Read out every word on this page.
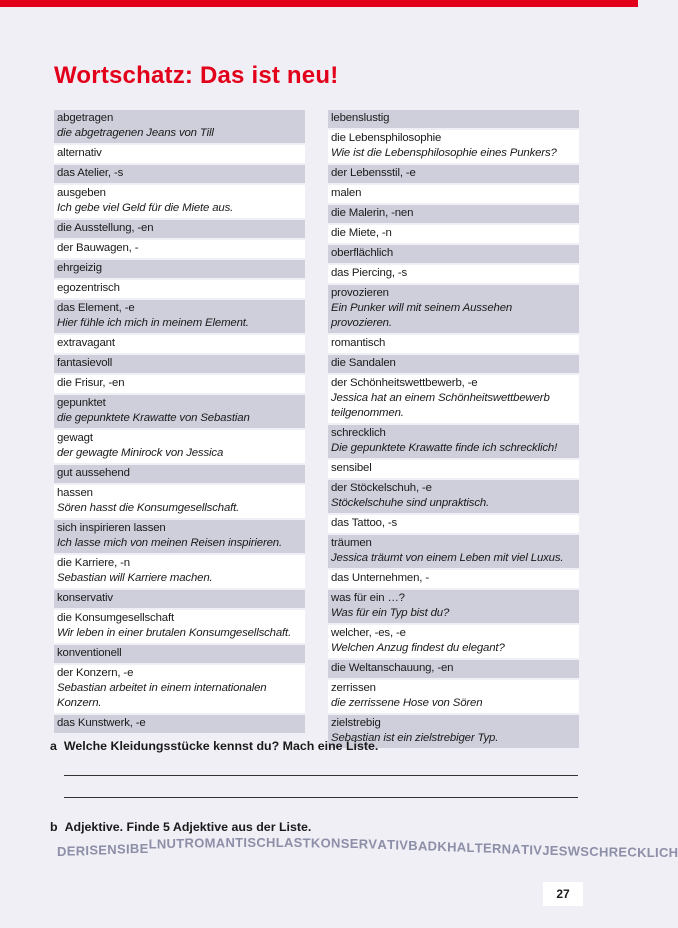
Wortschatz: Das ist neu!
abgetragen
die abgetragenen Jeans von Till
alternativ
das Atelier, -s
ausgeben
Ich gebe viel Geld für die Miete aus.
die Ausstellung, -en
der Bauwagen, -
ehrgeizig
egozentrisch
das Element, -e
Hier fühle ich mich in meinem Element.
extravagant
fantasievoll
die Frisur, -en
gepunktet
die gepunktete Krawatte von Sebastian
gewagt
der gewagte Minirock von Jessica
gut aussehend
hassen
Sören hasst die Konsumgesellschaft.
sich inspirieren lassen
Ich lasse mich von meinen Reisen inspirieren.
die Karriere, -n
Sebastian will Karriere machen.
konservativ
die Konsumgesellschaft
Wir leben in einer brutalen Konsumgesellschaft.
konventionell
der Konzern, -e
Sebastian arbeitet in einem internationalen Konzern.
das Kunstwerk, -e
lebenslustig
die Lebensphilosophie
Wie ist die Lebensphilosophie eines Punkers?
der Lebensstil, -e
malen
die Malerin, -nen
die Miete, -n
oberflächlich
das Piercing, -s
provozieren
Ein Punker will mit seinem Aussehen provozieren.
romantisch
die Sandalen
der Schönheitswettbewerb, -e
Jessica hat an einem Schönheitswettbewerb teilgenommen.
schrecklich
Die gepunktete Krawatte finde ich schrecklich!
sensibel
der Stöckelschuh, -e
Stöckelschuhe sind unpraktisch.
das Tattoo, -s
träumen
Jessica träumt von einem Leben mit viel Luxus.
das Unternehmen, -
was für ein …?
Was für ein Typ bist du?
welcher, -es, -e
Welchen Anzug findest du elegant?
die Weltanschauung, -en
zerrissen
die zerrissene Hose von Sören
zielstrebig
Sebastian ist ein zielstrebiger Typ.

a Welche Kleidungsstücke kennst du? Mach eine Liste.

b Adjektive. Finde 5 Adjektive aus der Liste.

DERISENSIBELNUTROMANTISCHLASTKONSERVATIVBADKHALTERNATIVJESWSCHRECKLICH
27
